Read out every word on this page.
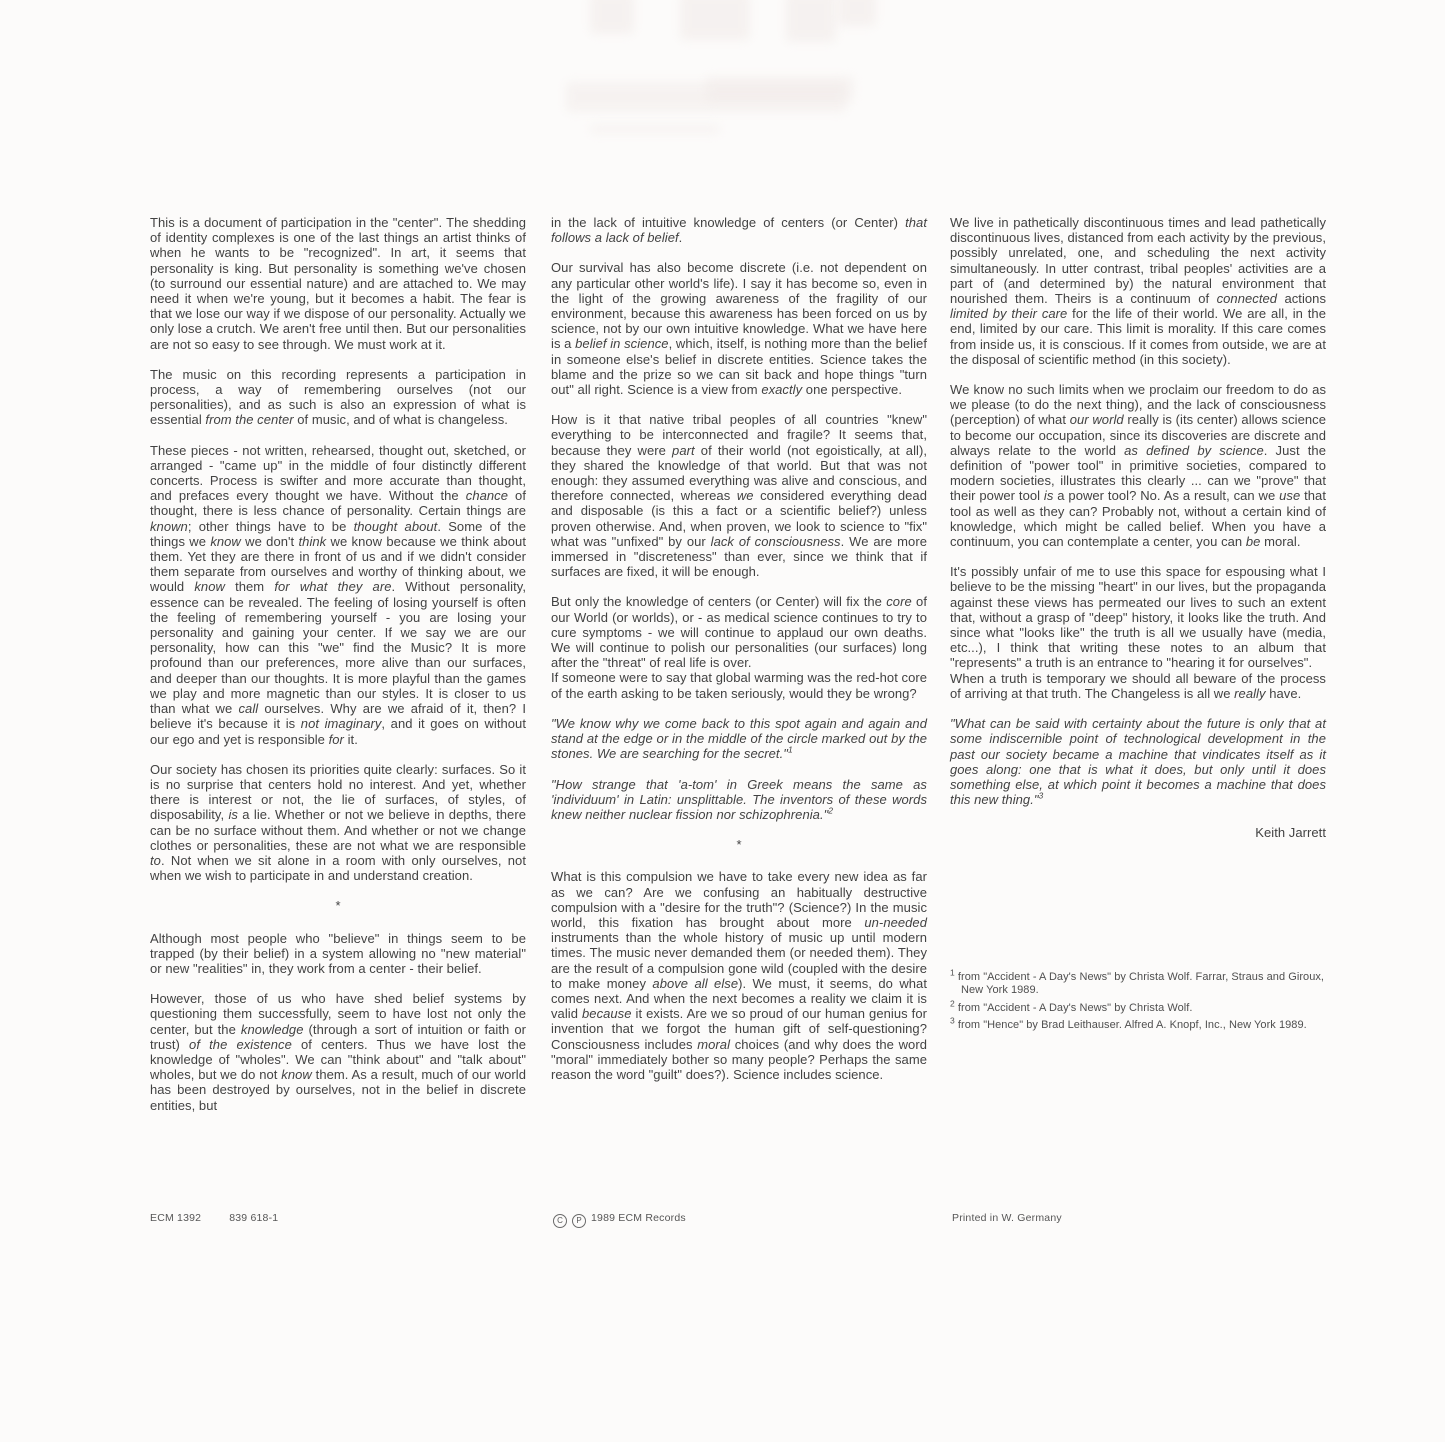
This is a document of participation in the "center". The shedding of identity complexes is one of the last things an artist thinks of when he wants to be "recognized". In art, it seems that personality is king. But personality is something we've chosen (to surround our essential nature) and are attached to. We may need it when we're young, but it becomes a habit. The fear is that we lose our way if we dispose of our personality. Actually we only lose a crutch. We aren't free until then. But our personalities are not so easy to see through. We must work at it.

The music on this recording represents a participation in process, a way of remembering ourselves (not our personalities), and as such is also an expression of what is essential from the center of music, and of what is changeless.

These pieces - not written, rehearsed, thought out, sketched, or arranged - "came up" in the middle of four distinctly different concerts. Process is swifter and more accurate than thought, and prefaces every thought we have. Without the chance of thought, there is less chance of personality. Certain things are known; other things have to be thought about. Some of the things we know we don't think we know because we think about them. Yet they are there in front of us and if we didn't consider them separate from ourselves and worthy of thinking about, we would know them for what they are. Without personality, essence can be revealed. The feeling of losing yourself is often the feeling of remembering yourself - you are losing your personality and gaining your center. If we say we are our personality, how can this "we" find the Music? It is more profound than our preferences, more alive than our surfaces, and deeper than our thoughts. It is more playful than the games we play and more magnetic than our styles. It is closer to us than what we call ourselves. Why are we afraid of it, then? I believe it's because it is not imaginary, and it goes on without our ego and yet is responsible for it.

Our society has chosen its priorities quite clearly: surfaces. So it is no surprise that centers hold no interest. And yet, whether there is interest or not, the lie of surfaces, of styles, of disposability, is a lie. Whether or not we believe in depths, there can be no surface without them. And whether or not we change clothes or personalities, these are not what we are responsible to. Not when we sit alone in a room with only ourselves, not when we wish to participate in and understand creation.

*

Although most people who "believe" in things seem to be trapped (by their belief) in a system allowing no "new material" or new "realities" in, they work from a center - their belief.

However, those of us who have shed belief systems by questioning them successfully, seem to have lost not only the center, but the knowledge (through a sort of intuition or faith or trust) of the existence of centers. Thus we have lost the knowledge of "wholes". We can "think about" and "talk about" wholes, but we do not know them. As a result, much of our world has been destroyed by ourselves, not in the belief in discrete entities, but

in the lack of intuitive knowledge of centers (or Center) that follows a lack of belief.

Our survival has also become discrete (i.e. not dependent on any particular other world's life). I say it has become so, even in the light of the growing awareness of the fragility of our environment, because this awareness has been forced on us by science, not by our own intuitive knowledge. What we have here is a belief in science, which, itself, is nothing more than the belief in someone else's belief in discrete entities. Science takes the blame and the prize so we can sit back and hope things "turn out" all right. Science is a view from exactly one perspective.

How is it that native tribal peoples of all countries "knew" everything to be interconnected and fragile? It seems that, because they were part of their world (not egoistically, at all), they shared the knowledge of that world. But that was not enough: they assumed everything was alive and conscious, and therefore connected, whereas we considered everything dead and disposable (is this a fact or a scientific belief?) unless proven otherwise. And, when proven, we look to science to "fix" what was "unfixed" by our lack of consciousness. We are more immersed in "discreteness" than ever, since we think that if surfaces are fixed, it will be enough.

But only the knowledge of centers (or Center) will fix the core of our World (or worlds), or - as medical science continues to try to cure symptoms - we will continue to applaud our own deaths. We will continue to polish our personalities (our surfaces) long after the "threat" of real life is over.

If someone were to say that global warming was the red-hot core of the earth asking to be taken seriously, would they be wrong?

"We know why we come back to this spot again and again and stand at the edge or in the middle of the circle marked out by the stones. We are searching for the secret."$^1$

"How strange that 'a-tom' in Greek means the same as 'individuum' in Latin: unsplittable. The inventors of these words knew neither nuclear fission nor schizophrenia."$^2$

*

What is this compulsion we have to take every new idea as far as we can? Are we confusing an habitually destructive compulsion with a "desire for the truth"? (Science?) In the music world, this fixation has brought about more un-needed instruments than the whole history of music up until modern times. The music never demanded them (or needed them). They are the result of a compulsion gone wild (coupled with the desire to make money above all else). We must, it seems, do what comes next. And when the next becomes a reality we claim it is valid because it exists. Are we so proud of our human genius for invention that we forgot the human gift of self-questioning? Consciousness includes moral choices (and why does the word "moral" immediately bother so many people? Perhaps the same reason the word "guilt" does?). Science includes science.

We live in pathetically discontinuous times and lead pathetically discontinuous lives, distanced from each activity by the previous, possibly unrelated, one, and scheduling the next activity simultaneously. In utter contrast, tribal peoples' activities are a part of (and determined by) the natural environment that nourished them. Theirs is a continuum of connected actions limited by their care for the life of their world. We are all, in the end, limited by our care. This limit is morality. If this care comes from inside us, it is conscious. If it comes from outside, we are at the disposal of scientific method (in this society).

We know no such limits when we proclaim our freedom to do as we please (to do the next thing), and the lack of consciousness (perception) of what our world really is (its center) allows science to become our occupation, since its discoveries are discrete and always relate to the world as defined by science. Just the definition of "power tool" in primitive societies, compared to modern societies, illustrates this clearly ... can we "prove" that their power tool is a power tool? No. As a result, can we use that tool as well as they can? Probably not, without a certain kind of knowledge, which might be called belief. When you have a continuum, you can contemplate a center, you can be moral.

It's possibly unfair of me to use this space for espousing what I believe to be the missing "heart" in our lives, but the propaganda against these views has permeated our lives to such an extent that, without a grasp of "deep" history, it looks like the truth. And since what "looks like" the truth is all we usually have (media, etc...), I think that writing these notes to an album that "represents" a truth is an entrance to "hearing it for ourselves".

When a truth is temporary we should all beware of the process of arriving at that truth. The Changeless is all we really have.

"What can be said with certainty about the future is only that at some indiscernible point of technological development in the past our society became a machine that vindicates itself as it goes along: one that is what it does, but only until it does something else, at which point it becomes a machine that does this new thing."$^3$

Keith Jarrett

$^1$ from "Accident - A Day's News" by Christa Wolf. Farrar, Straus and Giroux, New York 1989.

$^2$ from "Accident - A Day's News" by Christa Wolf.

$^3$ from "Hence" by Brad Leithauser. Alfred A. Knopf, Inc., New York 1989.

ECM 1392	839 618-1	C P 1989 ECM Records	Printed in W. Germany
